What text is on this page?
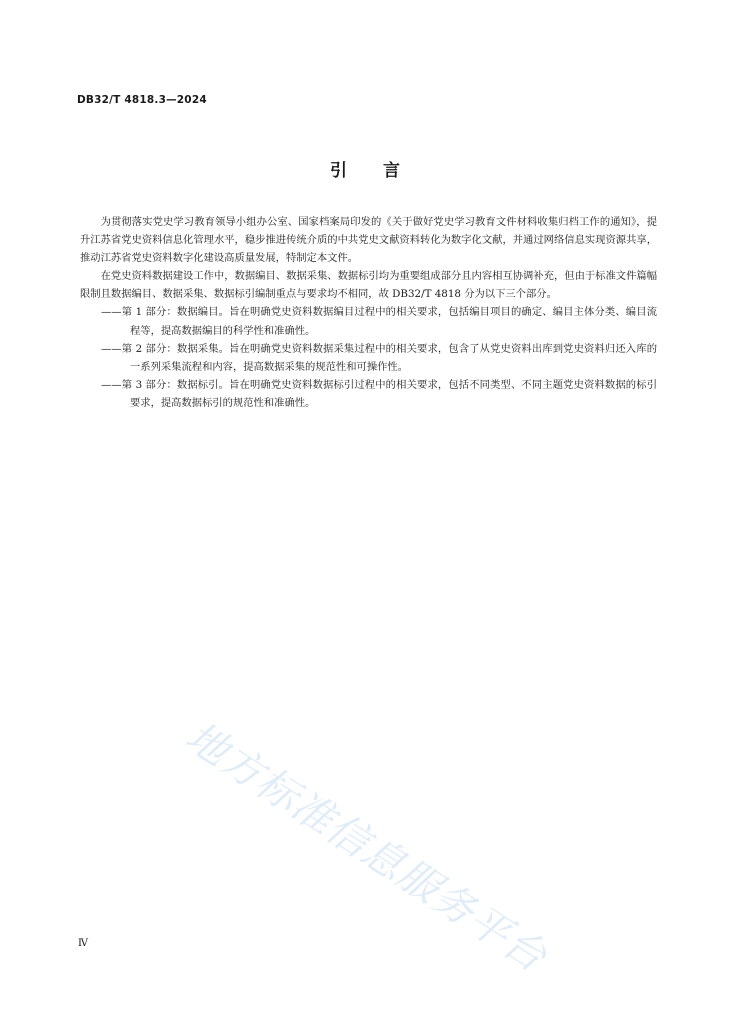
DB32/T 4818.3—2024
引 言

为贯彻落实党史学习教育领导小组办公室、国家档案局印发的《关于做好党史学习教育文件材料收集归档工作的通知》，提升江苏省党史资料信息化管理水平，稳步推进传统介质的中共党史文献资料转化为数字化文献，并通过网络信息实现资源共享，推动江苏省党史资料数字化建设高质量发展，特制定本文件。

在党史资料数据建设工作中，数据编目、数据采集、数据标引均为重要组成部分且内容相互协调补充，但由于标准文件篇幅限制且数据编目、数据采集、数据标引编制重点与要求均不相同，故 DB32/T 4818 分为以下三个部分。

——第 1 部分：数据编目。旨在明确党史资料数据编目过程中的相关要求，包括编目项目的确定、编目主体分类、编目流程等，提高数据编目的科学性和准确性。

——第 2 部分：数据采集。旨在明确党史资料数据采集过程中的相关要求，包含了从党史资料出库到党史资料归还入库的一系列采集流程和内容，提高数据采集的规范性和可操作性。

——第 3 部分：数据标引。旨在明确党史资料数据标引过程中的相关要求，包括不同类型、不同主题党史资料数据的标引要求，提高数据标引的规范性和准确性。

地方标准信息服务平台
Ⅳ
